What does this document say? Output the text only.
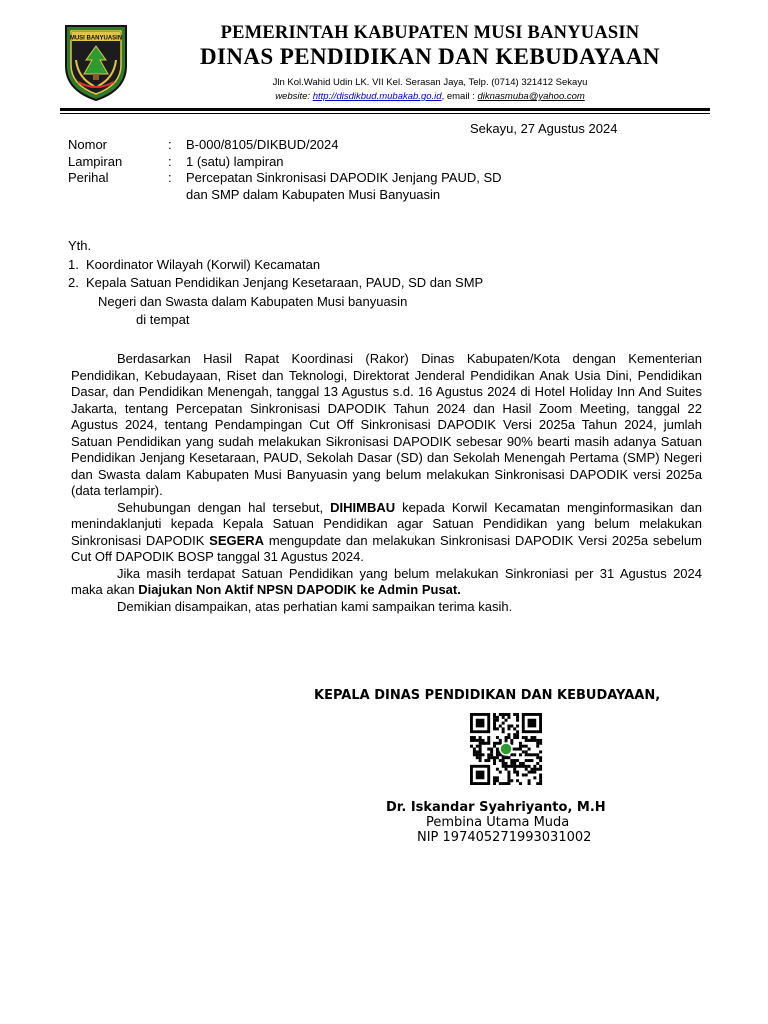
MUSI BANYUASIN	PEMERINTAH KABUPATEN MUSI BANYUASIN
DINAS PENDIDIKAN DAN KEBUDAYAAN
Jln Kol.Wahid Udin LK. VII Kel. Serasan Jaya, Telp. (0714) 321412 Sekayu
website: http://disdikbud.mubakab.go.id, email : diknasmuba@yahoo.com
Sekayu, 27 Agustus 2024
Nomor	:	B-000/8105/DIKBUD/2024
Lampiran	:	1 (satu) lampiran
Perihal	:	Percepatan Sinkronisasi DAPODIK Jenjang PAUD, SD dan SMP dalam Kabupaten Musi Banyuasin
Yth.
1. Koordinator Wilayah (Korwil) Kecamatan
2. Kepala Satuan Pendidikan Jenjang Kesetaraan, PAUD, SD dan SMP
Negeri dan Swasta dalam Kabupaten Musi banyuasin
di tempat

Berdasarkan Hasil Rapat Koordinasi (Rakor) Dinas Kabupaten/Kota dengan Kementerian Pendidikan, Kebudayaan, Riset dan Teknologi, Direktorat Jenderal Pendidikan Anak Usia Dini, Pendidikan Dasar, dan Pendidikan Menengah, tanggal 13 Agustus s.d. 16 Agustus 2024 di Hotel Holiday Inn And Suites Jakarta, tentang Percepatan Sinkronisasi DAPODIK Tahun 2024 dan Hasil Zoom Meeting, tanggal 22 Agustus 2024, tentang Pendampingan Cut Off Sinkronisasi DAPODIK Versi 2025a Tahun 2024, jumlah Satuan Pendidikan yang sudah melakukan Sikronisasi DAPODIK sebesar 90% bearti masih adanya Satuan Pendidikan Jenjang Kesetaraan, PAUD, Sekolah Dasar (SD) dan Sekolah Menengah Pertama (SMP) Negeri dan Swasta dalam Kabupaten Musi Banyuasin yang belum melakukan Sinkronisasi DAPODIK versi 2025a (data terlampir).

Sehubungan dengan hal tersebut, DIHIMBAU kepada Korwil Kecamatan menginformasikan dan menindaklanjuti kepada Kepala Satuan Pendidikan agar Satuan Pendidikan yang belum melakukan Sinkronisasi DAPODIK SEGERA mengupdate dan melakukan Sinkronisasi DAPODIK Versi 2025a sebelum Cut Off DAPODIK BOSP tanggal 31 Agustus 2024.

Jika masih terdapat Satuan Pendidikan yang belum melakukan Sinkroniasi per 31 Agustus 2024 maka akan Diajukan Non Aktif NPSN DAPODIK ke Admin Pusat.

Demikian disampaikan, atas perhatian kami sampaikan terima kasih.

KEPALA DINAS PENDIDIKAN DAN KEBUDAYAAN,
Dr. Iskandar Syahriyanto, M.H
Pembina Utama Muda
NIP 197405271993031002
